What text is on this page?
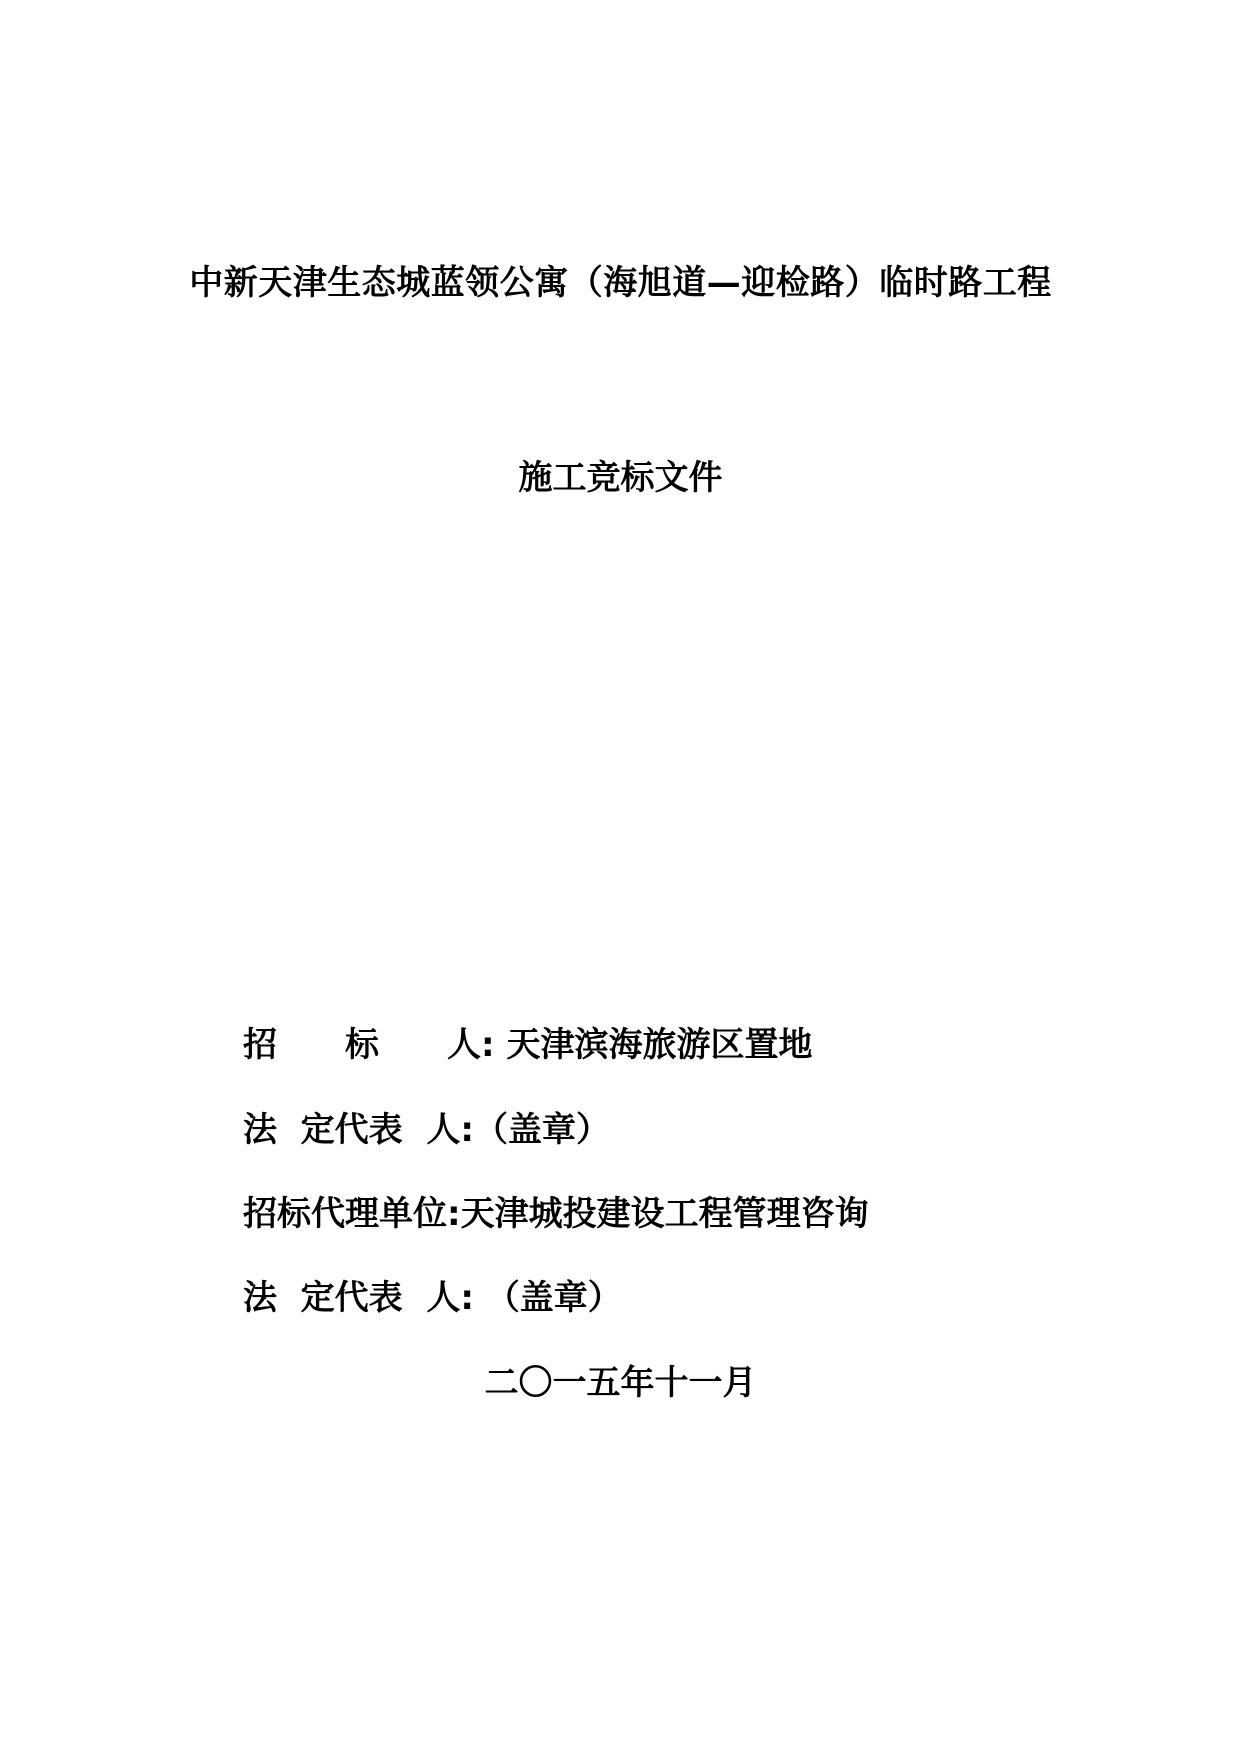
中新天津生态城蓝领公寓（海旭道—迎检路）临时路工程
施工竞标文件
招　　标　　人: 天津滨海旅游区置地
法  定代表  人:（盖章）
招标代理单位:天津城投建设工程管理咨询
法  定代表  人: （盖章）
二〇一五年十一月
